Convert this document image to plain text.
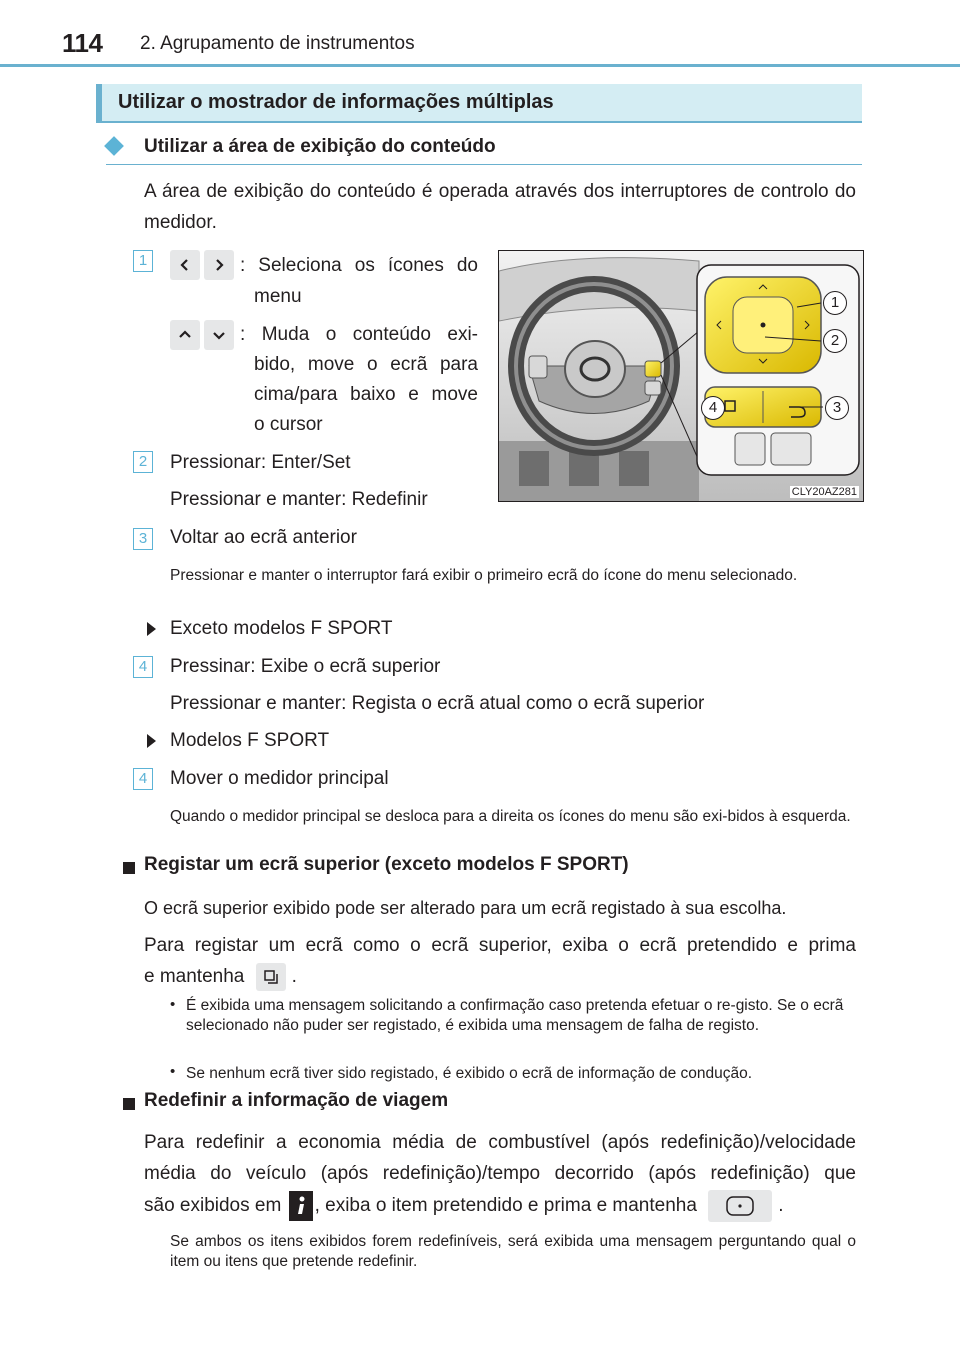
114 2. Agrupamento de instrumentos
Utilizar o mostrador de informações múltiplas
Utilizar a área de exibição do conteúdo
A área de exibição do conteúdo é operada através dos interruptores de controlo do medidor.
1	: Seleciona os ícones do
menu
: Muda o conteúdo exi-
bido, move o ecrã para
cima/para baixo e move
o cursor
2	Pressionar: Enter/Set
Pressionar e manter: Redefinir
1
2
3
4
CLY20AZ281
3	Voltar ao ecrã anterior
Pressionar e manter o interruptor fará exibir o primeiro ecrã do ícone do menu selecionado.
Exceto modelos F SPORT
4	Pressinar: Exibe o ecrã superior
Pressionar e manter: Regista o ecrã atual como o ecrã superior
Modelos F SPORT
4	Mover o medidor principal
Quando o medidor principal se desloca para a direita os ícones do menu são exi-bidos à esquerda.
Registar um ecrã superior (exceto modelos F SPORT)
O ecrã superior exibido pode ser alterado para um ecrã registado à sua escolha.
Para registar um ecrã como o ecrã superior, exiba o ecrã pretendido e prima
e mantenha .
• É exibida uma mensagem solicitando a confirmação caso pretenda efetuar o re-gisto. Se o ecrã selecionado não puder ser registado, é exibida uma mensagem de falha de registo.
• Se nenhum ecrã tiver sido registado, é exibido o ecrã de informação de condução.
Redefinir a informação de viagem
Para redefinir a economia média de combustível (após redefinição)/velocidade média do veículo (após redefinição)/tempo decorrido (após redefinição) que
são exibidos em , exiba o item pretendido e prima e mantenha	.
Se ambos os itens exibidos forem redefiníveis, será exibida uma mensagem perguntando qual o item ou itens que pretende redefinir.
